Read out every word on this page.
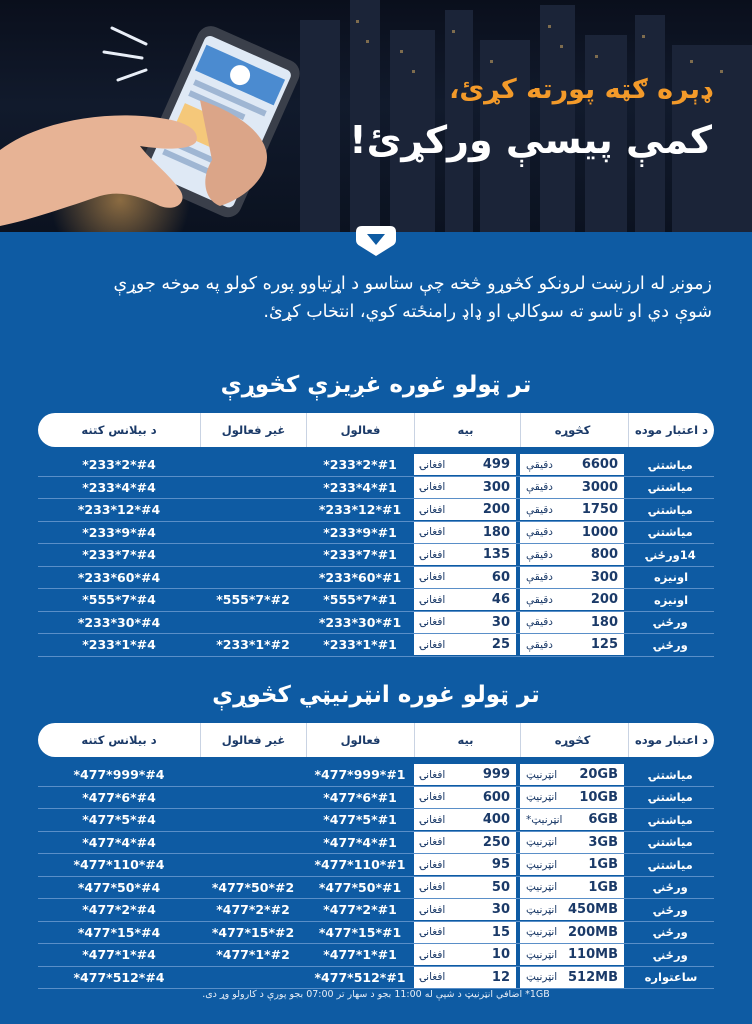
ډېره ګټه پورته کړئ،
کمې پیسې ورکړئ!
زمونږ له ارزښت لرونکو کڅوړو څخه چې ستاسو د اړتیاوو پوره کولو په موخه جوړې
شوې دي او تاسو ته سوکالي او ډاډ رامنځته کوي، انتخاب کړئ.
تر ټولو غوره غږیزې کڅوړې
د اعتبار موده
کڅوړه
بیه
فعالول
غیر فعالول
د بیلانس کتنه
میاشتنۍ
6600
دقیقې
499
افغانۍ
#1*2*233*
#4*2*233*
میاشتنۍ
3000
دقیقې
300
افغانۍ
#1*4*233*
#4*4*233*
میاشتنۍ
1750
دقیقې
200
افغانۍ
#1*12*233*
#4*12*233*
میاشتنۍ
1000
دقیقې
180
افغانۍ
#1*9*233*
#4*9*233*
14ورځنۍ
800
دقیقې
135
افغانۍ
#1*7*233*
#4*7*233*
اونیزه
300
دقیقې
60
افغانۍ
#1*60*233*
#4*60*233*
اونیزه
200
دقیقې
46
افغانۍ
#1*7*555*
#2*7*555*
#4*7*555*
ورځنۍ
180
دقیقې
30
افغانۍ
#1*30*233*
#4*30*233*
ورځنۍ
125
دقیقې
25
افغانۍ
#1*1*233*
#2*1*233*
#4*1*233*
تر ټولو غوره انټرنیټي کڅوړې
د اعتبار موده
کڅوړه
بیه
فعالول
غیر فعالول
د بیلانس کتنه
میاشتنۍ
20GB
انټرنیټ
999
افغانۍ
#1*999*477*
#4*999*477*
میاشتنۍ
10GB
انټرنیټ
600
افغانۍ
#1*6*477*
#4*6*477*
میاشتنۍ
6GB
انټرنیټ*
400
افغانۍ
#1*5*477*
#4*5*477*
میاشتنۍ
3GB
انټرنیټ
250
افغانۍ
#1*4*477*
#4*4*477*
میاشتنۍ
1GB
انټرنیټ
95
افغانۍ
#1*110*477*
#4*110*477*
ورځنۍ
1GB
انټرنیټ
50
افغانۍ
#1*50*477*
#2*50*477*
#4*50*477*
ورځنۍ
450MB
انټرنیټ
30
افغانۍ
#1*2*477*
#2*2*477*
#4*2*477*
ورځنۍ
200MB
انټرنیټ
15
افغانۍ
#1*15*477*
#2*15*477*
#4*15*477*
ورځنۍ
110MB
انټرنیټ
10
افغانۍ
#1*1*477*
#2*1*477*
#4*1*477*
ساعتواره
512MB
انټرنیټ
12
افغانۍ
#1*512*477*
#4*512*477*
1GB* اضافي انټرنیټ د شپې له 11:00 بجو د سهار تر 07:00 بجو پورې د کارولو وړ دی.
